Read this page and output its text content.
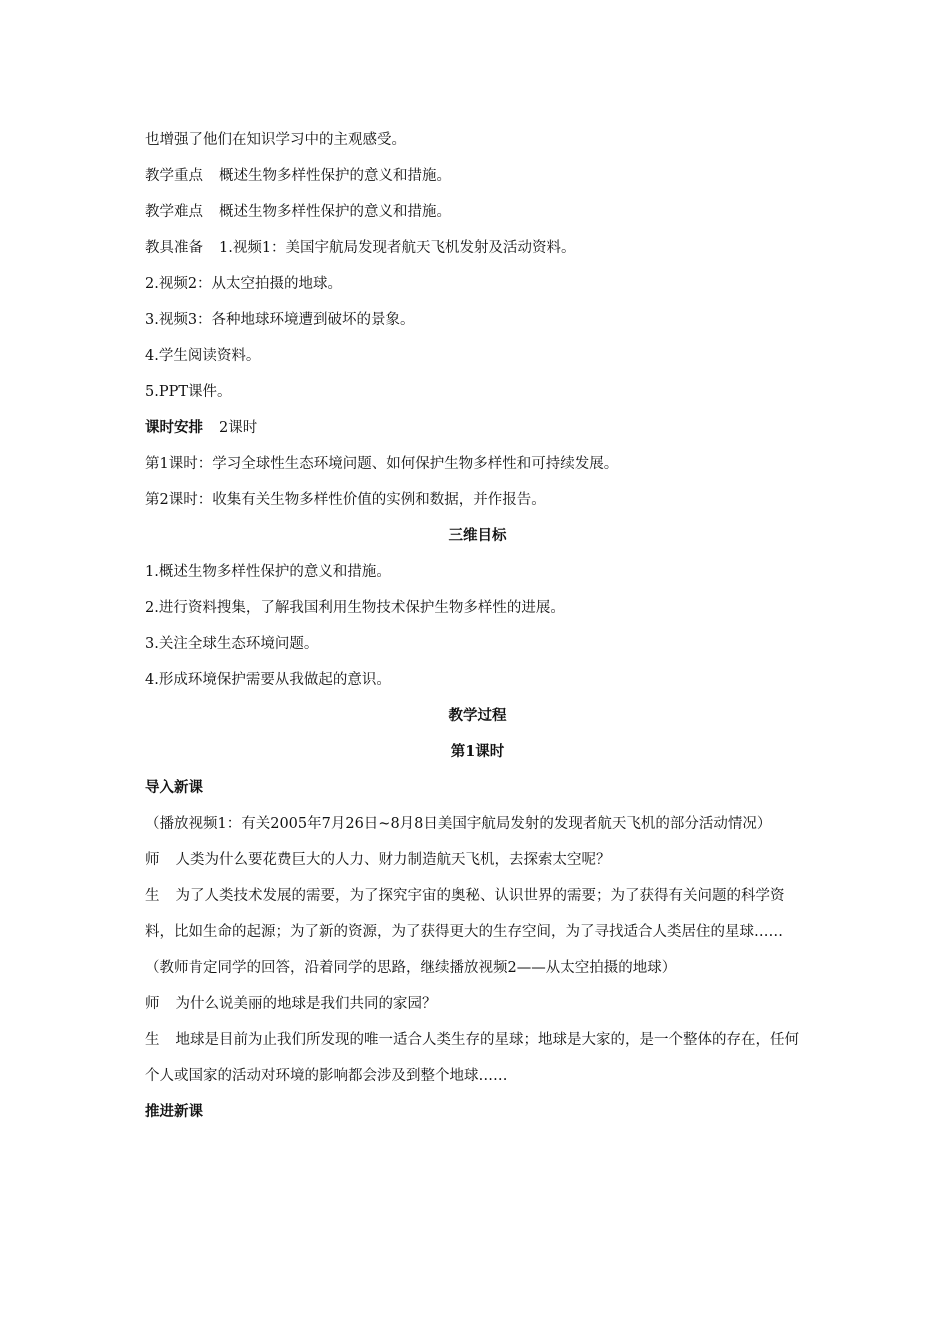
也增强了他们在知识学习中的主观感受。
教学重点 概述生物多样性保护的意义和措施。
教学难点 概述生物多样性保护的意义和措施。
教具准备 1.视频1：美国宇航局发现者航天飞机发射及活动资料。
2.视频2：从太空拍摄的地球。
3.视频3：各种地球环境遭到破坏的景象。
4.学生阅读资料。
5.PPT课件。
课时安排 2课时
第1课时：学习全球性生态环境问题、如何保护生物多样性和可持续发展。
第2课时：收集有关生物多样性价值的实例和数据，并作报告。
三维目标
1.概述生物多样性保护的意义和措施。
2.进行资料搜集，了解我国利用生物技术保护生物多样性的进展。
3.关注全球生态环境问题。
4.形成环境保护需要从我做起的意识。
教学过程
第1课时
导入新课
（播放视频1：有关2005年7月26日~8月8日美国宇航局发射的发现者航天飞机的部分活动情况）
师 人类为什么要花费巨大的人力、财力制造航天飞机，去探索太空呢？
生 为了人类技术发展的需要，为了探究宇宙的奥秘、认识世界的需要；为了获得有关问题的科学资料，比如生命的起源；为了新的资源，为了获得更大的生存空间，为了寻找适合人类居住的星球……
（教师肯定同学的回答，沿着同学的思路，继续播放视频2——从太空拍摄的地球）
师 为什么说美丽的地球是我们共同的家园？
生 地球是目前为止我们所发现的唯一适合人类生存的星球；地球是大家的，是一个整体的存在，任何个人或国家的活动对环境的影响都会涉及到整个地球……
推进新课
